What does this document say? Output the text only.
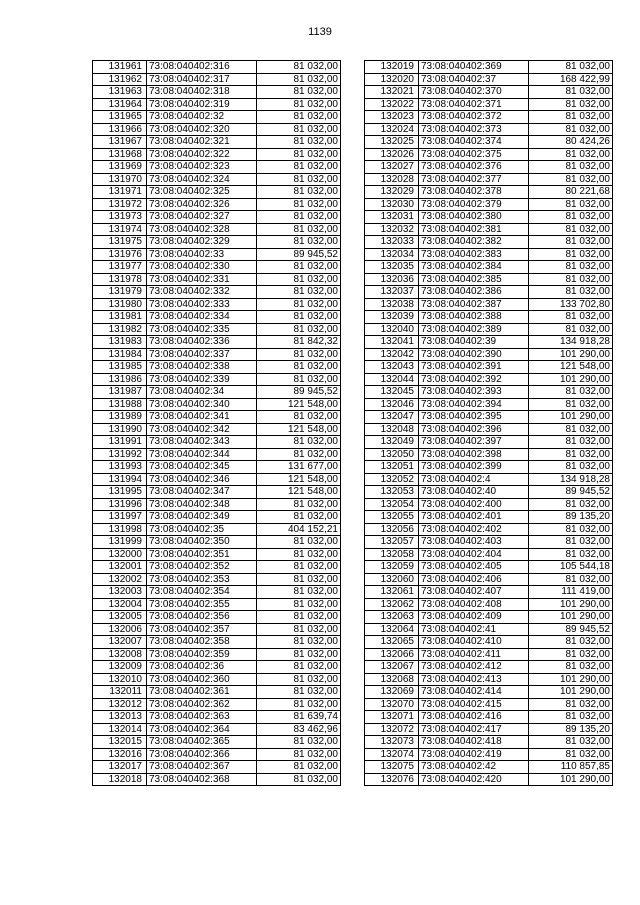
1139
131961	73:08:040402:316	81 032,00
131962	73:08:040402:317	81 032,00
131963	73:08:040402:318	81 032,00
131964	73:08:040402:319	81 032,00
131965	73:08:040402:32	81 032,00
131966	73:08:040402:320	81 032,00
131967	73:08:040402:321	81 032,00
131968	73:08:040402:322	81 032,00
131969	73:08:040402:323	81 032,00
131970	73:08:040402:324	81 032,00
131971	73:08:040402:325	81 032,00
131972	73:08:040402:326	81 032,00
131973	73:08:040402:327	81 032,00
131974	73:08:040402:328	81 032,00
131975	73:08:040402:329	81 032,00
131976	73:08:040402:33	89 945,52
131977	73:08:040402:330	81 032,00
131978	73:08:040402:331	81 032,00
131979	73:08:040402:332	81 032,00
131980	73:08:040402:333	81 032,00
131981	73:08:040402:334	81 032,00
131982	73:08:040402:335	81 032,00
131983	73:08:040402:336	81 842,32
131984	73:08:040402:337	81 032,00
131985	73:08:040402:338	81 032,00
131986	73:08:040402:339	81 032,00
131987	73:08:040402:34	89 945,52
131988	73:08:040402:340	121 548,00
131989	73:08:040402:341	81 032,00
131990	73:08:040402:342	121 548,00
131991	73:08:040402:343	81 032,00
131992	73:08:040402:344	81 032,00
131993	73:08:040402:345	131 677,00
131994	73:08:040402:346	121 548,00
131995	73:08:040402:347	121 548,00
131996	73:08:040402:348	81 032,00
131997	73:08:040402:349	81 032,00
131998	73:08:040402:35	404 152,21
131999	73:08:040402:350	81 032,00
132000	73:08:040402:351	81 032,00
132001	73:08:040402:352	81 032,00
132002	73:08:040402:353	81 032,00
132003	73:08:040402:354	81 032,00
132004	73:08:040402:355	81 032,00
132005	73:08:040402:356	81 032,00
132006	73:08:040402:357	81 032,00
132007	73:08:040402:358	81 032,00
132008	73:08:040402:359	81 032,00
132009	73:08:040402:36	81 032,00
132010	73:08:040402:360	81 032,00
132011	73:08:040402:361	81 032,00
132012	73:08:040402:362	81 032,00
132013	73:08:040402:363	81 639,74
132014	73:08:040402:364	83 462,96
132015	73:08:040402:365	81 032,00
132016	73:08:040402:366	81 032,00
132017	73:08:040402:367	81 032,00
132018	73:08:040402:368	81 032,00
132019	73:08:040402:369	81 032,00
132020	73:08:040402:37	168 422,99
132021	73:08:040402:370	81 032,00
132022	73:08:040402:371	81 032,00
132023	73:08:040402:372	81 032,00
132024	73:08:040402:373	81 032,00
132025	73:08:040402:374	80 424,26
132026	73:08:040402:375	81 032,00
132027	73:08:040402:376	81 032,00
132028	73:08:040402:377	81 032,00
132029	73:08:040402:378	80 221,68
132030	73:08:040402:379	81 032,00
132031	73:08:040402:380	81 032,00
132032	73:08:040402:381	81 032,00
132033	73:08:040402:382	81 032,00
132034	73:08:040402:383	81 032,00
132035	73:08:040402:384	81 032,00
132036	73:08:040402:385	81 032,00
132037	73:08:040402:386	81 032,00
132038	73:08:040402:387	133 702,80
132039	73:08:040402:388	81 032,00
132040	73:08:040402:389	81 032,00
132041	73:08:040402:39	134 918,28
132042	73:08:040402:390	101 290,00
132043	73:08:040402:391	121 548,00
132044	73:08:040402:392	101 290,00
132045	73:08:040402:393	81 032,00
132046	73:08:040402:394	81 032,00
132047	73:08:040402:395	101 290,00
132048	73:08:040402:396	81 032,00
132049	73:08:040402:397	81 032,00
132050	73:08:040402:398	81 032,00
132051	73:08:040402:399	81 032,00
132052	73:08:040402:4	134 918,28
132053	73:08:040402:40	89 945,52
132054	73:08:040402:400	81 032,00
132055	73:08:040402:401	89 135,20
132056	73:08:040402:402	81 032,00
132057	73:08:040402:403	81 032,00
132058	73:08:040402:404	81 032,00
132059	73:08:040402:405	105 544,18
132060	73:08:040402:406	81 032,00
132061	73:08:040402:407	111 419,00
132062	73:08:040402:408	101 290,00
132063	73:08:040402:409	101 290,00
132064	73:08:040402:41	89 945,52
132065	73:08:040402:410	81 032,00
132066	73:08:040402:411	81 032,00
132067	73:08:040402:412	81 032,00
132068	73:08:040402:413	101 290,00
132069	73:08:040402:414	101 290,00
132070	73:08:040402:415	81 032,00
132071	73:08:040402:416	81 032,00
132072	73:08:040402:417	89 135,20
132073	73:08:040402:418	81 032,00
132074	73:08:040402:419	81 032,00
132075	73:08:040402:42	110 857,85
132076	73:08:040402:420	101 290,00
